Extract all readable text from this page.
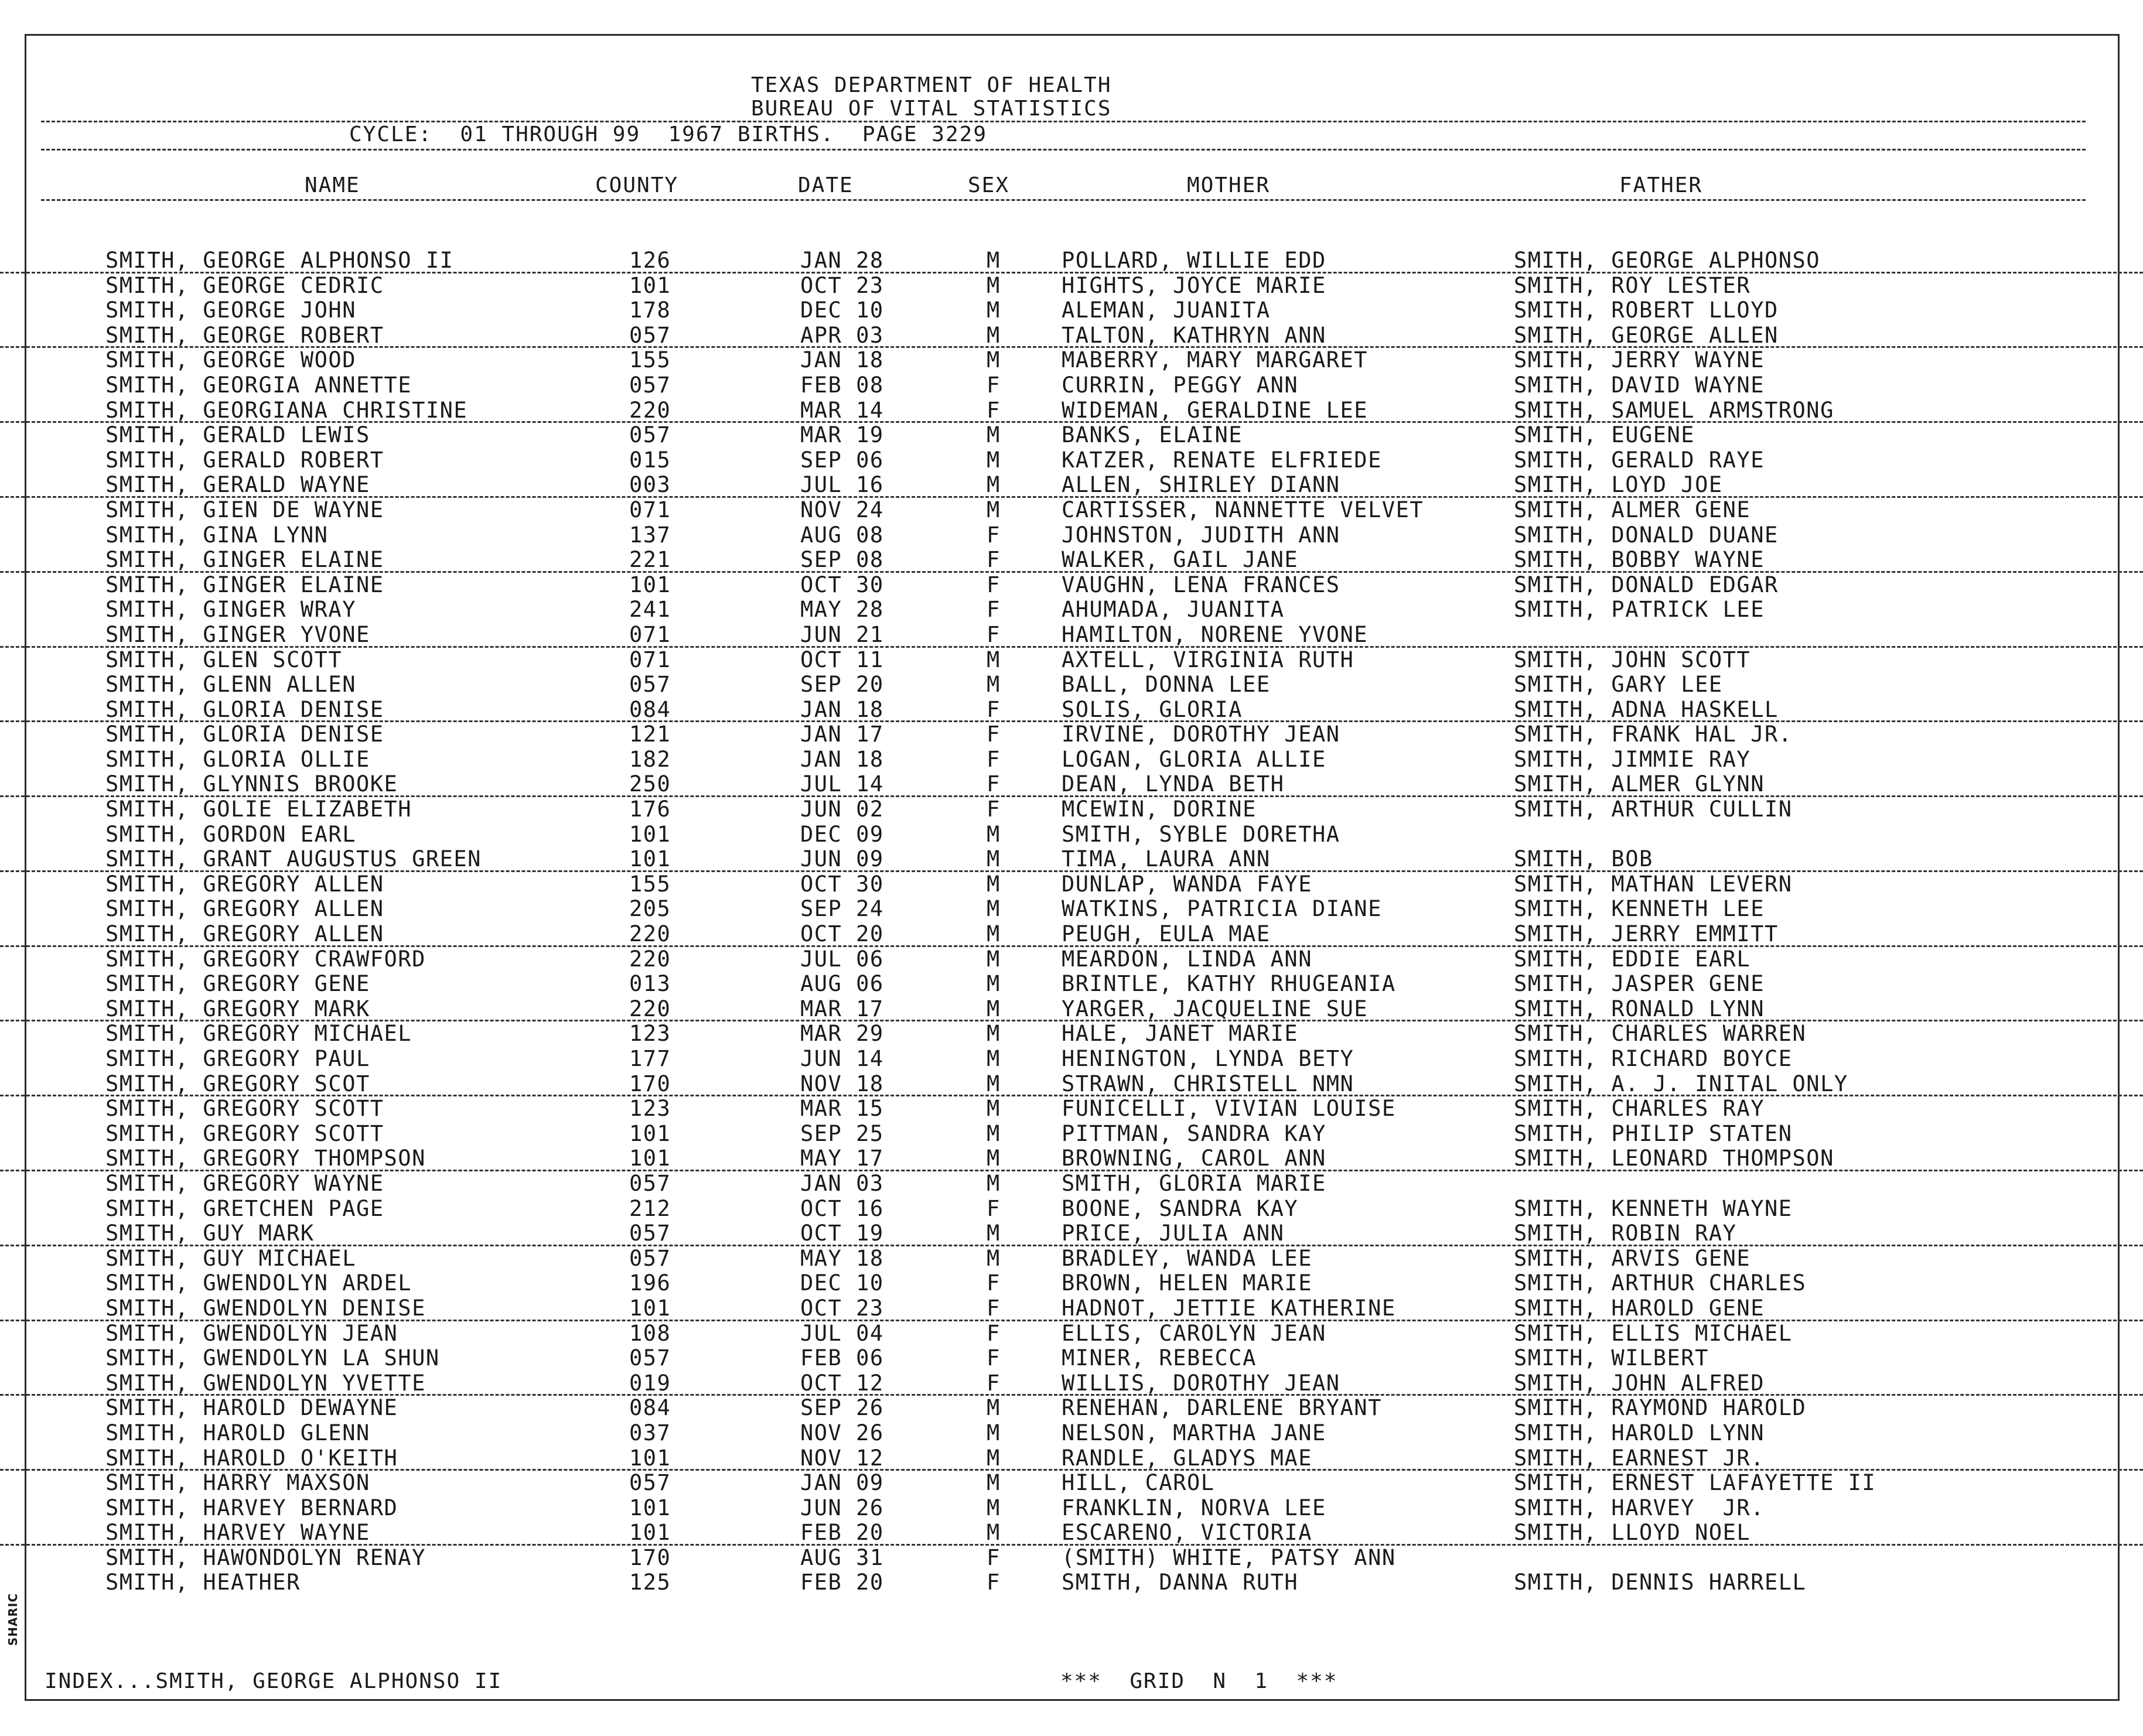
TEXAS DEPARTMENT OF HEALTH
BUREAU OF VITAL STATISTICS
CYCLE:  01 THROUGH 99  1967 BIRTHS.  PAGE 3229
NAME	COUNTY	DATE	SEX	MOTHER	FATHER
SMITH, GEORGE ALPHONSO II	126	JAN 28	M	POLLARD, WILLIE EDD	SMITH, GEORGE ALPHONSO
SMITH, GEORGE CEDRIC	101	OCT 23	M	HIGHTS, JOYCE MARIE	SMITH, ROY LESTER
SMITH, GEORGE JOHN	178	DEC 10	M	ALEMAN, JUANITA	SMITH, ROBERT LLOYD
SMITH, GEORGE ROBERT	057	APR 03	M	TALTON, KATHRYN ANN	SMITH, GEORGE ALLEN
SMITH, GEORGE WOOD	155	JAN 18	M	MABERRY, MARY MARGARET	SMITH, JERRY WAYNE
SMITH, GEORGIA ANNETTE	057	FEB 08	F	CURRIN, PEGGY ANN	SMITH, DAVID WAYNE
SMITH, GEORGIANA CHRISTINE	220	MAR 14	F	WIDEMAN, GERALDINE LEE	SMITH, SAMUEL ARMSTRONG
SMITH, GERALD LEWIS	057	MAR 19	M	BANKS, ELAINE	SMITH, EUGENE
SMITH, GERALD ROBERT	015	SEP 06	M	KATZER, RENATE ELFRIEDE	SMITH, GERALD RAYE
SMITH, GERALD WAYNE	003	JUL 16	M	ALLEN, SHIRLEY DIANN	SMITH, LOYD JOE
SMITH, GIEN DE WAYNE	071	NOV 24	M	CARTISSER, NANNETTE VELVET	SMITH, ALMER GENE
SMITH, GINA LYNN	137	AUG 08	F	JOHNSTON, JUDITH ANN	SMITH, DONALD DUANE
SMITH, GINGER ELAINE	221	SEP 08	F	WALKER, GAIL JANE	SMITH, BOBBY WAYNE
SMITH, GINGER ELAINE	101	OCT 30	F	VAUGHN, LENA FRANCES	SMITH, DONALD EDGAR
SMITH, GINGER WRAY	241	MAY 28	F	AHUMADA, JUANITA	SMITH, PATRICK LEE
SMITH, GINGER YVONE	071	JUN 21	F	HAMILTON, NORENE YVONE
SMITH, GLEN SCOTT	071	OCT 11	M	AXTELL, VIRGINIA RUTH	SMITH, JOHN SCOTT
SMITH, GLENN ALLEN	057	SEP 20	M	BALL, DONNA LEE	SMITH, GARY LEE
SMITH, GLORIA DENISE	084	JAN 18	F	SOLIS, GLORIA	SMITH, ADNA HASKELL
SMITH, GLORIA DENISE	121	JAN 17	F	IRVINE, DOROTHY JEAN	SMITH, FRANK HAL JR.
SMITH, GLORIA OLLIE	182	JAN 18	F	LOGAN, GLORIA ALLIE	SMITH, JIMMIE RAY
SMITH, GLYNNIS BROOKE	250	JUL 14	F	DEAN, LYNDA BETH	SMITH, ALMER GLYNN
SMITH, GOLIE ELIZABETH	176	JUN 02	F	MCEWIN, DORINE	SMITH, ARTHUR CULLIN
SMITH, GORDON EARL	101	DEC 09	M	SMITH, SYBLE DORETHA
SMITH, GRANT AUGUSTUS GREEN	101	JUN 09	M	TIMA, LAURA ANN	SMITH, BOB
SMITH, GREGORY ALLEN	155	OCT 30	M	DUNLAP, WANDA FAYE	SMITH, MATHAN LEVERN
SMITH, GREGORY ALLEN	205	SEP 24	M	WATKINS, PATRICIA DIANE	SMITH, KENNETH LEE
SMITH, GREGORY ALLEN	220	OCT 20	M	PEUGH, EULA MAE	SMITH, JERRY EMMITT
SMITH, GREGORY CRAWFORD	220	JUL 06	M	MEARDON, LINDA ANN	SMITH, EDDIE EARL
SMITH, GREGORY GENE	013	AUG 06	M	BRINTLE, KATHY RHUGEANIA	SMITH, JASPER GENE
SMITH, GREGORY MARK	220	MAR 17	M	YARGER, JACQUELINE SUE	SMITH, RONALD LYNN
SMITH, GREGORY MICHAEL	123	MAR 29	M	HALE, JANET MARIE	SMITH, CHARLES WARREN
SMITH, GREGORY PAUL	177	JUN 14	M	HENINGTON, LYNDA BETY	SMITH, RICHARD BOYCE
SMITH, GREGORY SCOT	170	NOV 18	M	STRAWN, CHRISTELL NMN	SMITH, A. J. INITAL ONLY
SMITH, GREGORY SCOTT	123	MAR 15	M	FUNICELLI, VIVIAN LOUISE	SMITH, CHARLES RAY
SMITH, GREGORY SCOTT	101	SEP 25	M	PITTMAN, SANDRA KAY	SMITH, PHILIP STATEN
SMITH, GREGORY THOMPSON	101	MAY 17	M	BROWNING, CAROL ANN	SMITH, LEONARD THOMPSON
SMITH, GREGORY WAYNE	057	JAN 03	M	SMITH, GLORIA MARIE
SMITH, GRETCHEN PAGE	212	OCT 16	F	BOONE, SANDRA KAY	SMITH, KENNETH WAYNE
SMITH, GUY MARK	057	OCT 19	M	PRICE, JULIA ANN	SMITH, ROBIN RAY
SMITH, GUY MICHAEL	057	MAY 18	M	BRADLEY, WANDA LEE	SMITH, ARVIS GENE
SMITH, GWENDOLYN ARDEL	196	DEC 10	F	BROWN, HELEN MARIE	SMITH, ARTHUR CHARLES
SMITH, GWENDOLYN DENISE	101	OCT 23	F	HADNOT, JETTIE KATHERINE	SMITH, HAROLD GENE
SMITH, GWENDOLYN JEAN	108	JUL 04	F	ELLIS, CAROLYN JEAN	SMITH, ELLIS MICHAEL
SMITH, GWENDOLYN LA SHUN	057	FEB 06	F	MINER, REBECCA	SMITH, WILBERT
SMITH, GWENDOLYN YVETTE	019	OCT 12	F	WILLIS, DOROTHY JEAN	SMITH, JOHN ALFRED
SMITH, HAROLD DEWAYNE	084	SEP 26	M	RENEHAN, DARLENE BRYANT	SMITH, RAYMOND HAROLD
SMITH, HAROLD GLENN	037	NOV 26	M	NELSON, MARTHA JANE	SMITH, HAROLD LYNN
SMITH, HAROLD O'KEITH	101	NOV 12	M	RANDLE, GLADYS MAE	SMITH, EARNEST JR.
SMITH, HARRY MAXSON	057	JAN 09	M	HILL, CAROL	SMITH, ERNEST LAFAYETTE II
SMITH, HARVEY BERNARD	101	JUN 26	M	FRANKLIN, NORVA LEE	SMITH, HARVEY  JR.
SMITH, HARVEY WAYNE	101	FEB 20	M	ESCARENO, VICTORIA	SMITH, LLOYD NOEL
SMITH, HAWONDOLYN RENAY	170	AUG 31	F	(SMITH) WHITE, PATSY ANN
SMITH, HEATHER	125	FEB 20	F	SMITH, DANNA RUTH	SMITH, DENNIS HARRELL
INDEX...SMITH, GEORGE ALPHONSO II	***  GRID  N  1  ***
SHARIC
